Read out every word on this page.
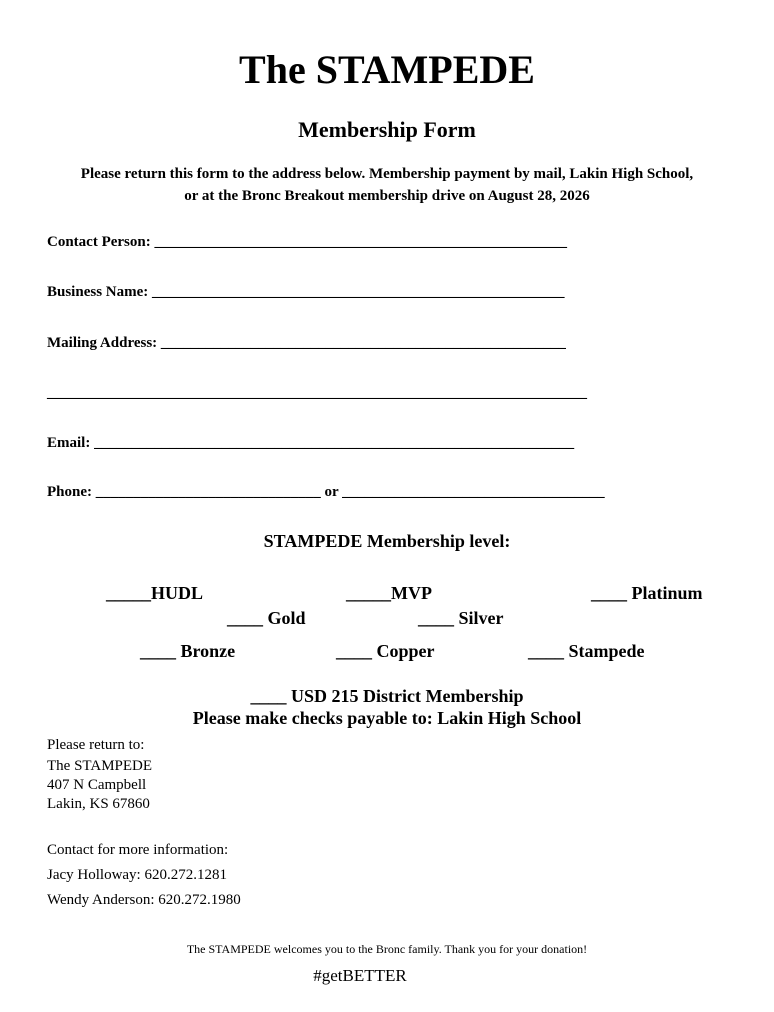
The STAMPEDE
Membership Form
Please return this form to the address below. Membership payment by mail, Lakin High School,
or at the Bronc Breakout membership drive on August 28, 2026
Contact Person: _______________________________________________________
Business Name: _______________________________________________________
Mailing Address: ______________________________________________________
________________________________________________________________________
Email: ________________________________________________________________
Phone: ______________________________ or ___________________________________
STAMPEDE Membership level:
_____HUDL	_____MVP	____ Platinum
____ Gold	____ Silver
____ Bronze	____ Copper	____ Stampede
____ USD 215 District Membership
Please make checks payable to: Lakin High School
Please return to:
The STAMPEDE
407 N Campbell
Lakin, KS 67860
Contact for more information:
Jacy Holloway: 620.272.1281
Wendy Anderson: 620.272.1980
The STAMPEDE welcomes you to the Bronc family. Thank you for your donation!
#getBETTER
